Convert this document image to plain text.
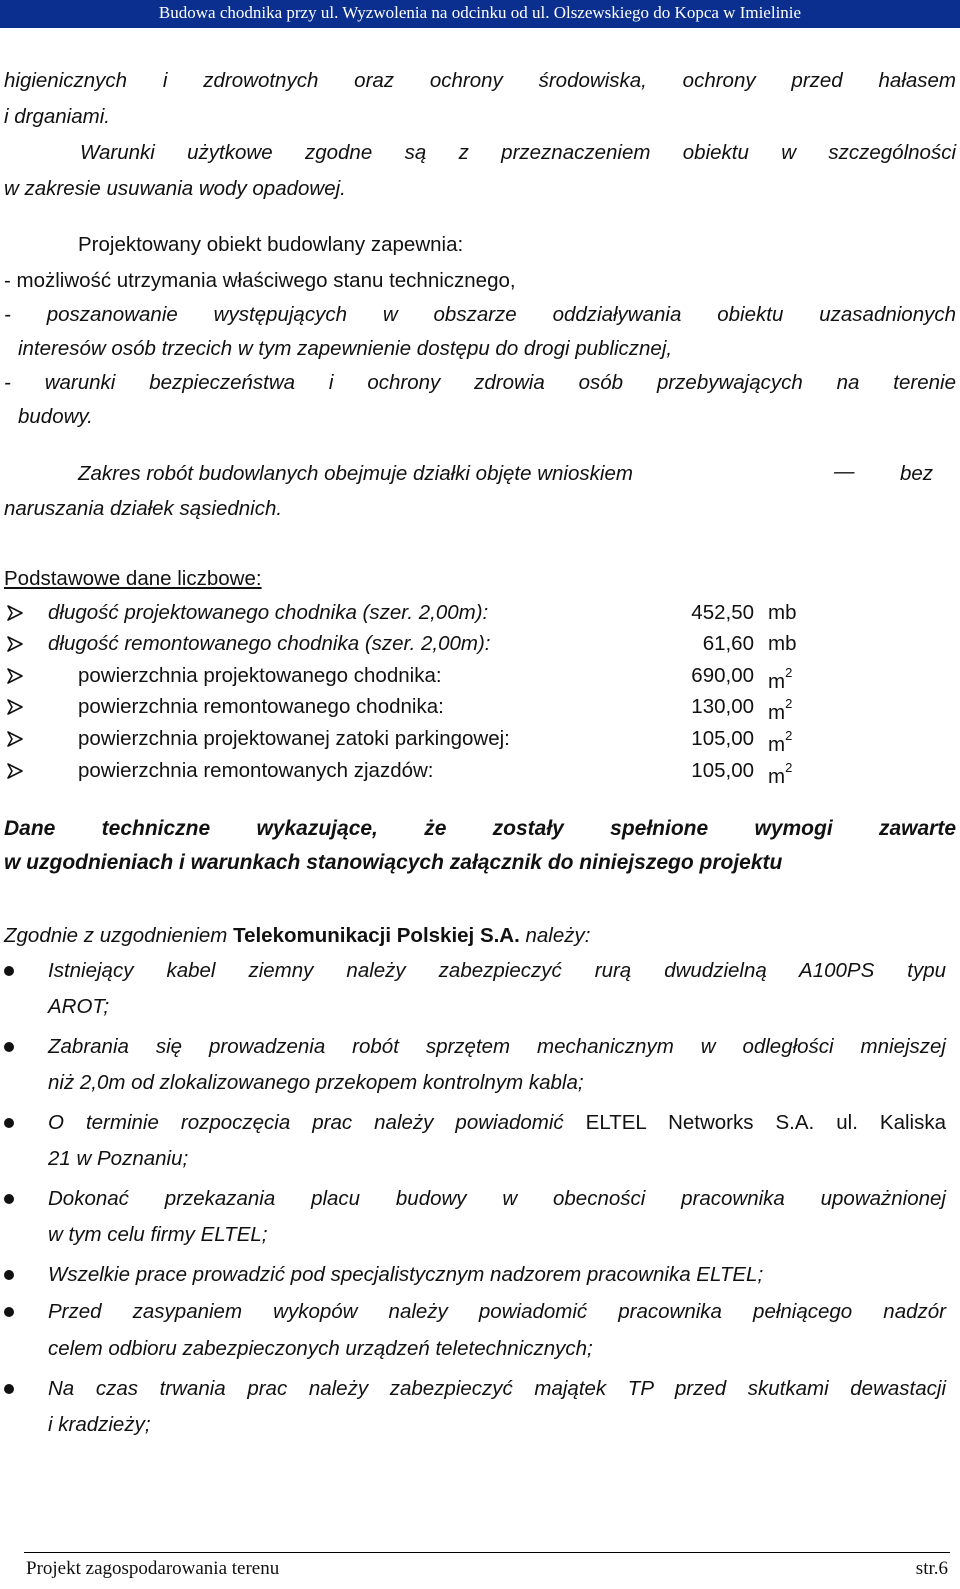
Budowa chodnika przy ul. Wyzwolenia na odcinku od ul. Olszewskiego do Kopca w Imielinie
higienicznych i zdrowotnych oraz ochrony środowiska, ochrony przed hałasem
i drganiami.
Warunki użytkowe zgodne są z przeznaczeniem obiektu w szczególności
w zakresie usuwania wody opadowej.
Projektowany obiekt budowlany zapewnia:
- możliwość utrzymania właściwego stanu technicznego,
- poszanowanie występujących w obszarze oddziaływania obiektu uzasadnionych
interesów osób trzecich w tym zapewnienie dostępu do drogi publicznej,
- warunki bezpieczeństwa i ochrony zdrowia osób przebywających na terenie
budowy.
Zakres robót budowlanych obejmuje działki objęte wnioskiem	— bez
naruszania działek sąsiednich.
Podstawowe dane liczbowe:
długość projektowanego chodnika (szer. 2,00m):	452,50 mb
długość remontowanego chodnika (szer. 2,00m):	61,60 mb
powierzchnia projektowanego chodnika:	690,00 $m^2$
powierzchnia remontowanego chodnika:	130,00 $m^2$
powierzchnia projektowanej zatoki parkingowej:	105,00 $m^2$
powierzchnia remontowanych zjazdów:	105,00 $m^2$
Dane techniczne wykazujące, że zostały spełnione wymogi zawarte
w uzgodnieniach i warunkach stanowiących załącznik do niniejszego projektu
Zgodnie z uzgodnieniem Telekomunikacji Polskiej S.A. należy:
Istniejący kabel ziemny należy zabezpieczyć rurą dwudzielną A100PS typu
AROT;
Zabrania się prowadzenia robót sprzętem mechanicznym w odległości mniejszej
niż 2,0m od zlokalizowanego przekopem kontrolnym kabla;
O terminie rozpoczęcia prac należy powiadomić ELTEL Networks S.A. ul. Kaliska
21 w Poznaniu;
Dokonać przekazania placu budowy w obecności pracownika upoważnionej
w tym celu firmy ELTEL;
Wszelkie prace prowadzić pod specjalistycznym nadzorem pracownika ELTEL;
Przed zasypaniem wykopów należy powiadomić pracownika pełniącego nadzór
celem odbioru zabezpieczonych urządzeń teletechnicznych;
Na czas trwania prac należy zabezpieczyć majątek TP przed skutkami dewastacji
i kradzieży;
Projekt zagospodarowania terenu	str.6
